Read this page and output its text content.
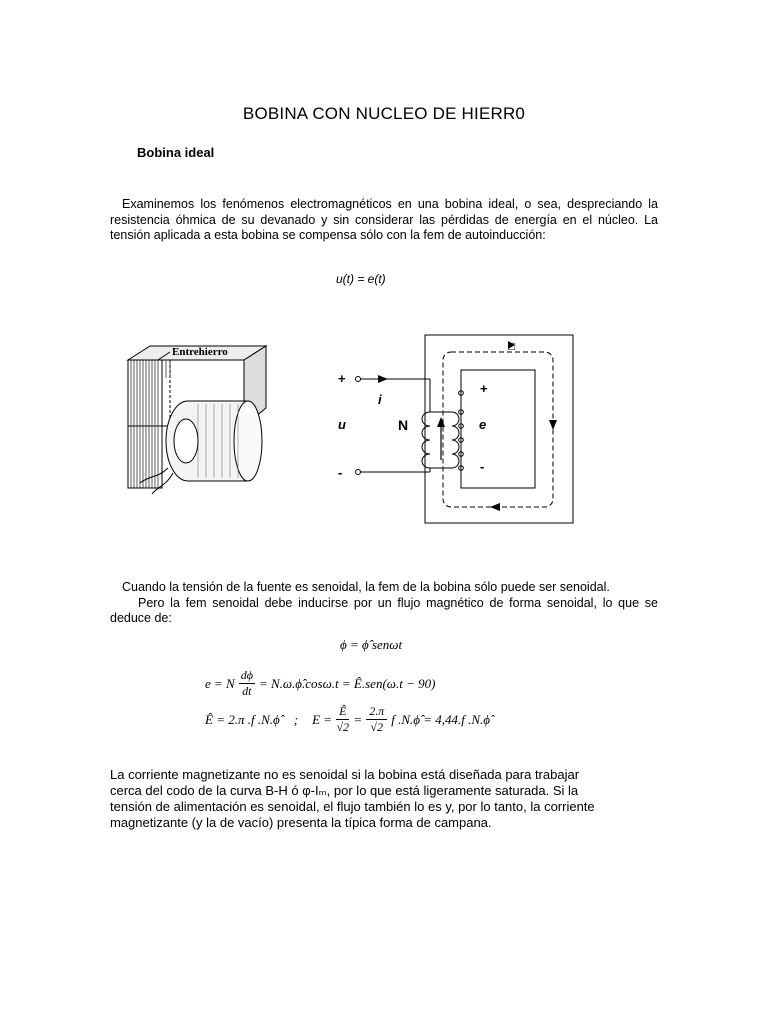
BOBINA CON NUCLEO DE HIERR0
Bobina ideal

Examinemos los fenómenos electromagnéticos en una bobina ideal, o sea, despreciando la resistencia óhmica de su devanado y sin considerar las pérdidas de energía en el núcleo. La tensión aplicada a esta bobina se compensa sólo con la fem de autoinducción:

u(t) = e(t)
Entrehierro	□
+
i
u	N
-
+
e
-

Cuando la tensión de la fuente es senoidal, la fem de la bobina sólo puede ser senoidal.

Pero la fem senoidal debe inducirse por un flujo magnético de forma senoidal, lo que se deduce de:

ϕ = ϕ̂ senωt
e = N $\frac{d\phi}{dt}$ = N.ω.ϕ̂.cosω.t = Ê.sen(ω.t − 90)
Ê = 2.π .f .N.ϕ̂ ; $E = \frac{Ê}{√2} = \frac{2.\pi}{√2}$ f .N.ϕ̂ = 4,44.f .N.ϕ̂

La corriente magnetizante no es senoidal si la bobina está diseñada para trabajar

cerca del codo de la curva B-H ó φ-Iₘ, por lo que está ligeramente saturada. Si la

tensión de alimentación es senoidal, el flujo también lo es y, por lo tanto, la corriente

magnetizante (y la de vacío) presenta la típica forma de campana.
